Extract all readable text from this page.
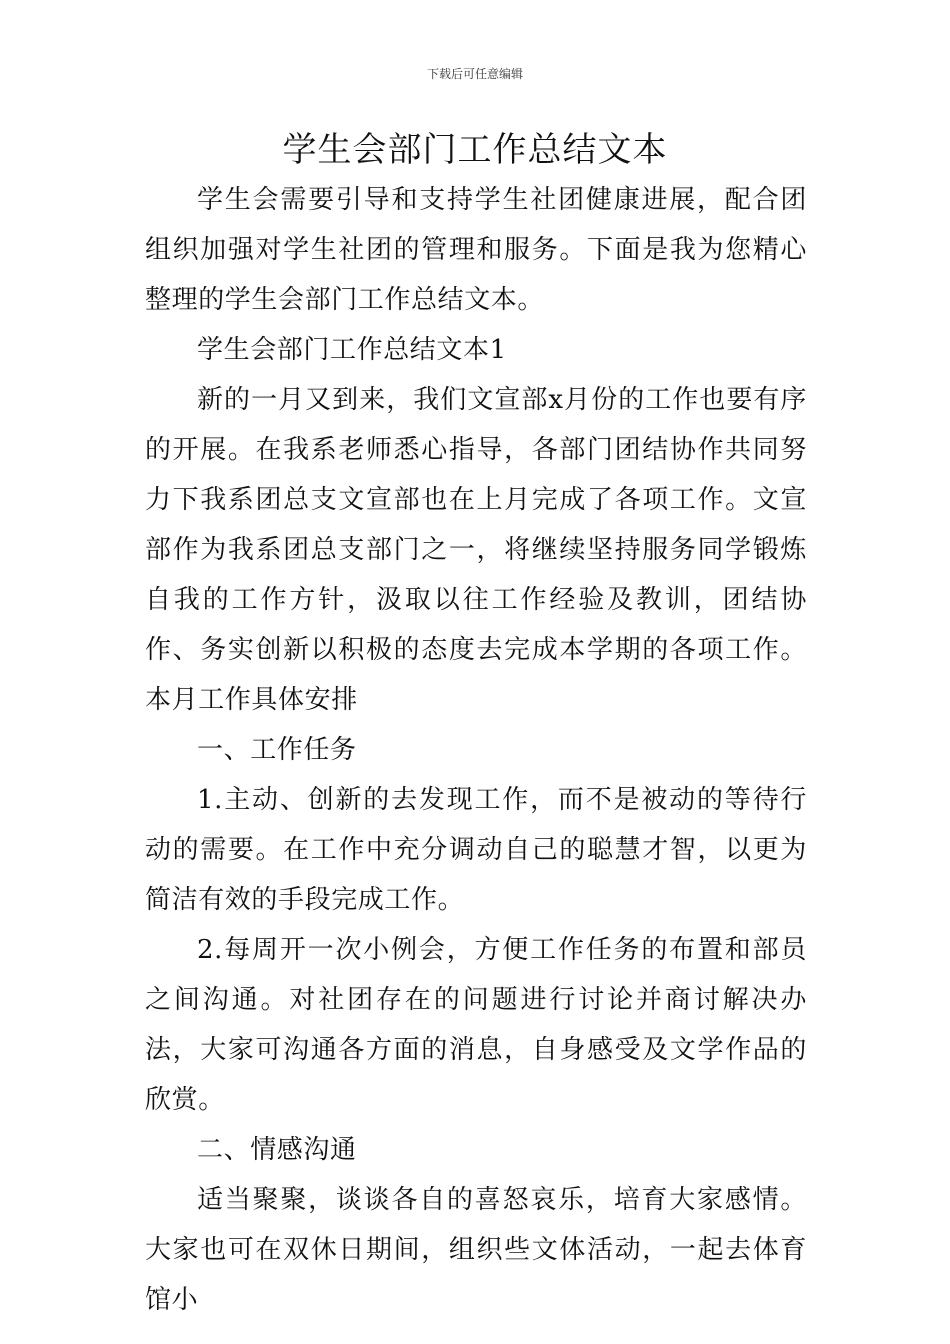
下载后可任意编辑
学生会部门工作总结文本

学生会需要引导和支持学生社团健康进展，配合团组织加强对学生社团的管理和服务。下面是我为您精心整理的学生会部门工作总结文本。

学生会部门工作总结文本1

新的一月又到来，我们文宣部x月份的工作也要有序的开展。在我系老师悉心指导，各部门团结协作共同努力下我系团总支文宣部也在上月完成了各项工作。文宣部作为我系团总支部门之一，将继续坚持服务同学锻炼自我的工作方针，汲取以往工作经验及教训，团结协作、务实创新以积极的态度去完成本学期的各项工作。本月工作具体安排

一、工作任务

1.主动、创新的去发现工作，而不是被动的等待行动的需要。在工作中充分调动自己的聪慧才智，以更为简洁有效的手段完成工作。

2.每周开一次小例会，方便工作任务的布置和部员之间沟通。对社团存在的问题进行讨论并商讨解决办法，大家可沟通各方面的消息，自身感受及文学作品的欣赏。

二、情感沟通

适当聚聚，谈谈各自的喜怒哀乐，培育大家感情。大家也可在双休日期间，组织些文体活动，一起去体育馆小
